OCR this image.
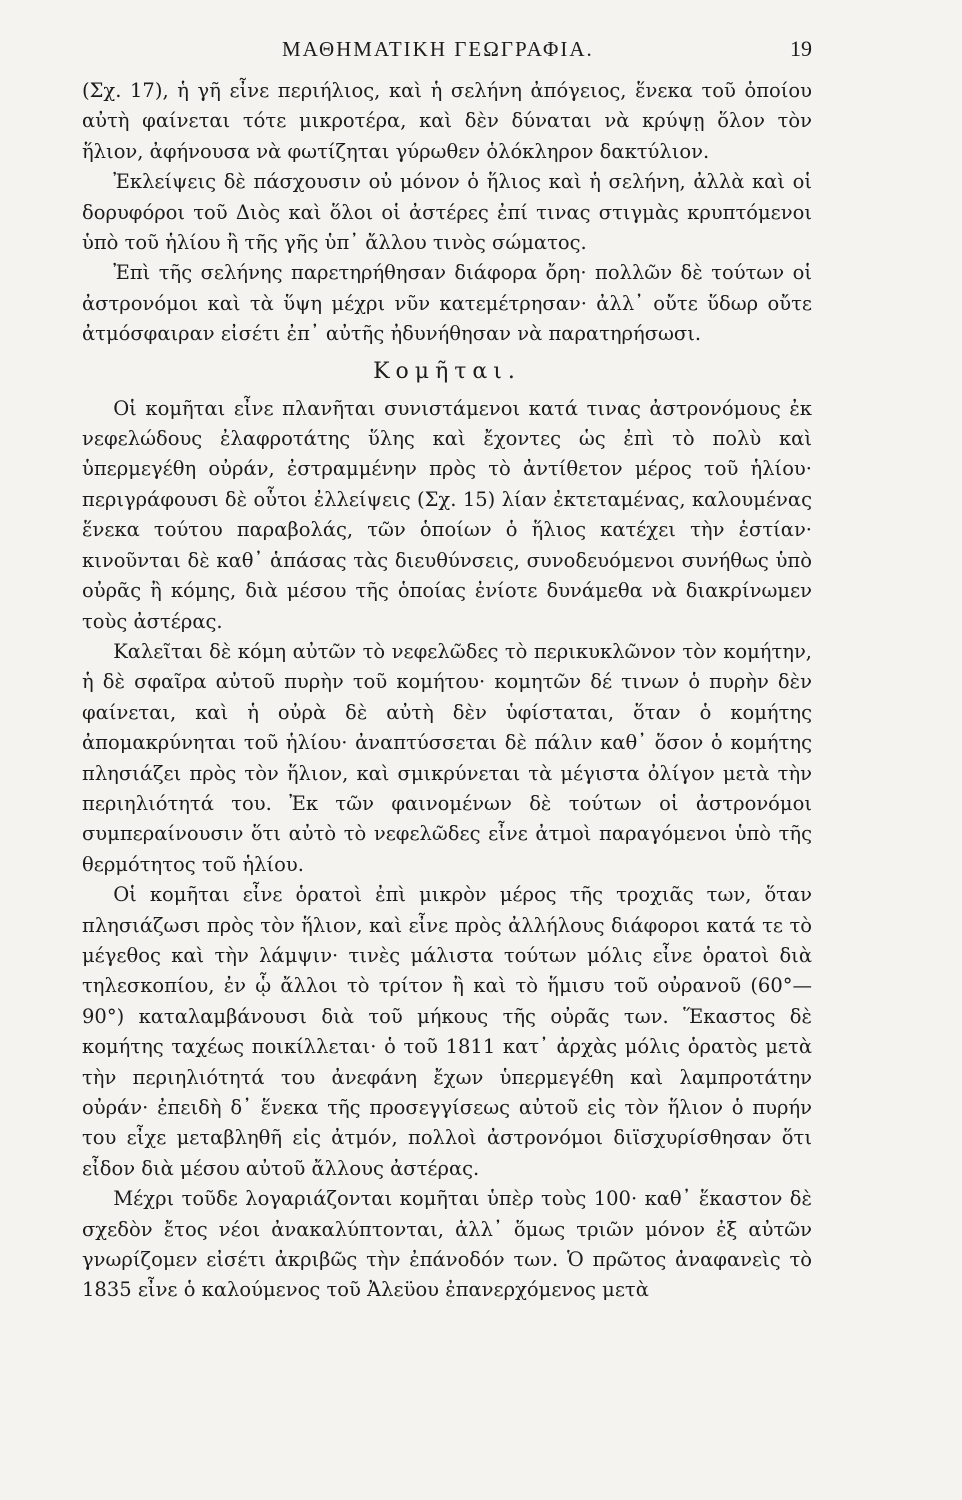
ΜΑΘΗΜΑΤΙΚΗ ΓΕΩΓΡΑΦΙΑ.	19

(Σχ. 17), ἡ γῆ εἶνε περιήλιος, καὶ ἡ σελήνη ἀπόγειος, ἕνεκα τοῦ ὁποίου αὐτὴ φαίνεται τότε μικροτέρα, καὶ δὲν δύναται νὰ κρύψῃ ὅλον τὸν ἥλιον, ἀφήνουσα νὰ φωτίζηται γύρωθεν ὁλόκληρον δακτύλιον.

Ἐκλείψεις δὲ πάσχουσιν οὐ μόνον ὁ ἥλιος καὶ ἡ σελήνη, ἀλλὰ καὶ οἱ δορυφόροι τοῦ Διὸς καὶ ὅλοι οἱ ἀστέρες ἐπί τινας στιγμὰς κρυπτόμενοι ὑπὸ τοῦ ἡλίου ἢ τῆς γῆς ὑπ᾽ ἄλλου τινὸς σώματος.

Ἐπὶ τῆς σελήνης παρετηρήθησαν διάφορα ὄρη· πολλῶν δὲ τούτων οἱ ἀστρονόμοι καὶ τὰ ὕψη μέχρι νῦν κατεμέτρησαν· ἀλλ᾽ οὔτε ὕδωρ οὔτε ἀτμόσφαιραν εἰσέτι ἐπ᾽ αὐτῆς ἠδυνήθησαν νὰ παρατηρήσωσι.

Κομῆται.

Οἱ κομῆται εἶνε πλανῆται συνιστάμενοι κατά τινας ἀστρονόμους ἐκ νεφελώδους ἐλαφροτάτης ὕλης καὶ ἔχοντες ὡς ἐπὶ τὸ πολὺ καὶ ὑπερμεγέθη οὐράν, ἐστραμμένην πρὸς τὸ ἀντίθετον μέρος τοῦ ἡλίου· περιγράφουσι δὲ οὗτοι ἐλλείψεις (Σχ. 15) λίαν ἐκτεταμένας, καλουμένας ἕνεκα τούτου παραβολάς, τῶν ὁποίων ὁ ἥλιος κατέχει τὴν ἑστίαν· κινοῦνται δὲ καθ᾽ ἁπάσας τὰς διευθύνσεις, συνοδευόμενοι συνήθως ὑπὸ οὐρᾶς ἢ κόμης, διὰ μέσου τῆς ὁποίας ἐνίοτε δυνάμεθα νὰ διακρίνωμεν τοὺς ἀστέρας.

Καλεῖται δὲ κόμη αὐτῶν τὸ νεφελῶδες τὸ περικυκλῶνον τὸν κομήτην, ἡ δὲ σφαῖρα αὐτοῦ πυρὴν τοῦ κομήτου· κομητῶν δέ τινων ὁ πυρὴν δὲν φαίνεται, καὶ ἡ οὐρὰ δὲ αὐτὴ δὲν ὑφίσταται, ὅταν ὁ κομήτης ἀπομακρύνηται τοῦ ἡλίου· ἀναπτύσσεται δὲ πάλιν καθ᾽ ὅσον ὁ κομήτης πλησιάζει πρὸς τὸν ἥλιον, καὶ σμικρύνεται τὰ μέγιστα ὀλίγον μετὰ τὴν περιηλιότητά του. Ἐκ τῶν φαινομένων δὲ τούτων οἱ ἀστρονόμοι συμπεραίνουσιν ὅτι αὐτὸ τὸ νεφελῶδες εἶνε ἀτμοὶ παραγόμενοι ὑπὸ τῆς θερμότητος τοῦ ἡλίου.

Οἱ κομῆται εἶνε ὁρατοὶ ἐπὶ μικρὸν μέρος τῆς τροχιᾶς των, ὅταν πλησιάζωσι πρὸς τὸν ἥλιον, καὶ εἶνε πρὸς ἀλλήλους διάφοροι κατά τε τὸ μέγεθος καὶ τὴν λάμψιν· τινὲς μάλιστα τούτων μόλις εἶνε ὁρατοὶ διὰ τηλεσκοπίου, ἐν ᾧ ἄλλοι τὸ τρίτον ἢ καὶ τὸ ἥμισυ τοῦ οὐρανοῦ (60°—90°) καταλαμβάνουσι διὰ τοῦ μήκους τῆς οὐρᾶς των. Ἕκαστος δὲ κομήτης ταχέως ποικίλλεται· ὁ τοῦ 1811 κατ᾽ ἀρχὰς μόλις ὁρατὸς μετὰ τὴν περιηλιότητά του ἀνεφάνη ἔχων ὑπερμεγέθη καὶ λαμπροτάτην οὐράν· ἐπειδὴ δ᾽ ἕνεκα τῆς προσεγγίσεως αὐτοῦ εἰς τὸν ἥλιον ὁ πυρήν του εἶχε μεταβληθῆ εἰς ἀτμόν, πολλοὶ ἀστρονόμοι διϊσχυρίσθησαν ὅτι εἶδον διὰ μέσου αὐτοῦ ἄλλους ἀστέρας.

Μέχρι τοῦδε λογαριάζονται κομῆται ὑπὲρ τοὺς 100· καθ᾽ ἕκαστον δὲ σχεδὸν ἔτος νέοι ἀνακαλύπτονται, ἀλλ᾽ ὅμως τριῶν μόνον ἐξ αὐτῶν γνωρίζομεν εἰσέτι ἀκριβῶς τὴν ἐπάνοδόν των. Ὁ πρῶτος ἀναφανεὶς τὸ 1835 εἶνε ὁ καλούμενος τοῦ Ἀλεϋου ἐπανερχόμενος μετὰ
